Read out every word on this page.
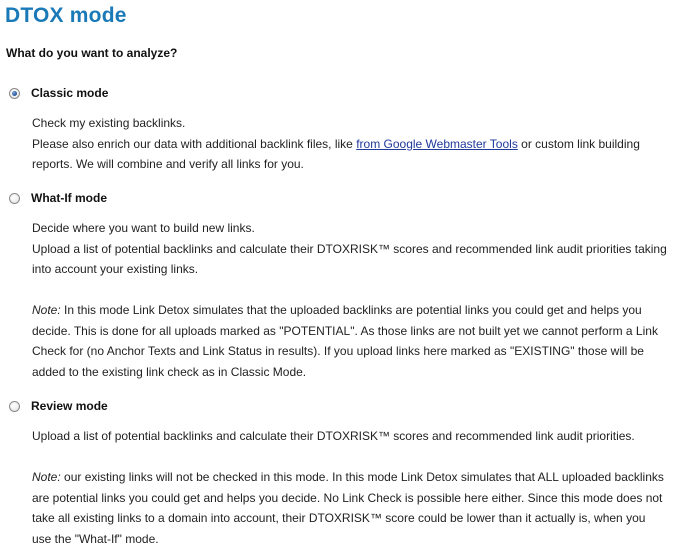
DTOX mode
What do you want to analyze?
Classic mode

Check my existing backlinks.

Please also enrich our data with additional backlink files, like from Google Webmaster Tools or custom link building reports. We will combine and verify all links for you.

What-If mode

Decide where you want to build new links.

Upload a list of potential backlinks and calculate their DTOXRISK™ scores and recommended link audit priorities taking into account your existing links.

Note: In this mode Link Detox simulates that the uploaded backlinks are potential links you could get and helps you decide. This is done for all uploads marked as "POTENTIAL". As those links are not built yet we cannot perform a Link Check for (no Anchor Texts and Link Status in results). If you upload links here marked as "EXISTING" those will be added to the existing link check as in Classic Mode.

Review mode

Upload a list of potential backlinks and calculate their DTOXRISK™ scores and recommended link audit priorities.

Note: our existing links will not be checked in this mode. In this mode Link Detox simulates that ALL uploaded backlinks are potential links you could get and helps you decide. No Link Check is possible here either. Since this mode does not take all existing links to a domain into account, their DTOXRISK™ score could be lower than it actually is, when you use the "What-If" mode.
